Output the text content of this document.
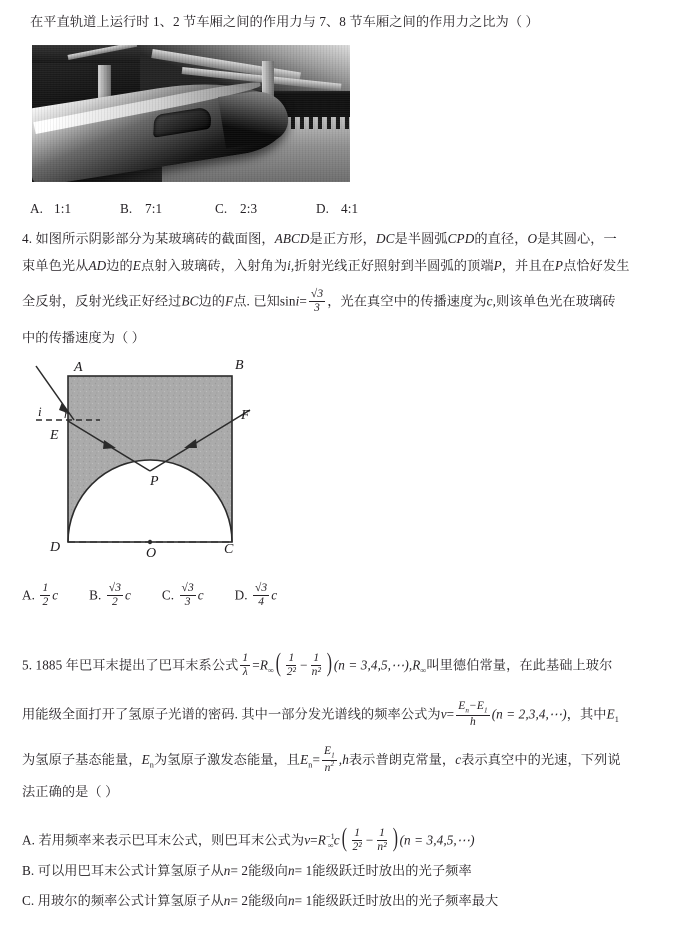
在平直轨道上运行时 1、2 节车厢之间的作用力与 7、8 节车厢之间的作用力之比为（ ）
A. 1:1	B. 7:1	C. 2:3	D. 4:1
4. 如图所示阴影部分为某玻璃砖的截面图，ABCD是正方形，DC是半圆弧CPD的直径，O是其圆心，一
束单色光从AD边的E点射入玻璃砖，入射角为i,折射光线正好照射到半圆弧的顶端P，并且在P点恰好发生
全反射，反射光线正好经过BC边的F点. 已知$\sin i= \frac{√3}{3}$ ，光在真空中的传播速度为c,则该单色光在玻璃砖
中的传播速度为（ ）
A	B
E
F
P
D	O	C
i r
A. $\frac{1}{2}$ c B. $\frac{√3}{2}$ c C. $\frac{√3}{3}$ c D. $\frac{√3}{4}$ c
5. 1885 年巴耳末提出了巴耳末系公式 $\frac{1}{\lambda} =R_\infty( \frac{1}{\text{2²}} - \frac{1}{\text{n²}}$ ) $(n = 3,4,5,\cdots),R_\infty$叫里德伯常量，在此基础上玻尔
用能级全面打开了氢原子光谱的密码. 其中一部分发光谱线的频率公式为$\nu= \frac{E_n-E_1}{h} (n$ = 2,3,4,⋯)，其中$E_1$
为氢原子基态能量，$E_n$为氢原子激发态能量，且$E_n= \frac{E_1}{n^2} ,h$表示普朗克常量，c表示真空中的光速，下列说
法正确的是（ ）
A. 若用频率来表示巴耳末公式，则巴耳末公式为$\nu=R^{-1}_\infty c( \frac{1}{\text{2²}} - \frac{1}{\text{n²}}$ ) (n = 3,4,5,⋯)
B. 可以用巴耳末公式计算氢原子从n= 2能级向n= 1能级跃迁时放出的光子频率
C. 用玻尔的频率公式计算氢原子从n= 2能级向n= 1能级跃迁时放出的光子频率最大
